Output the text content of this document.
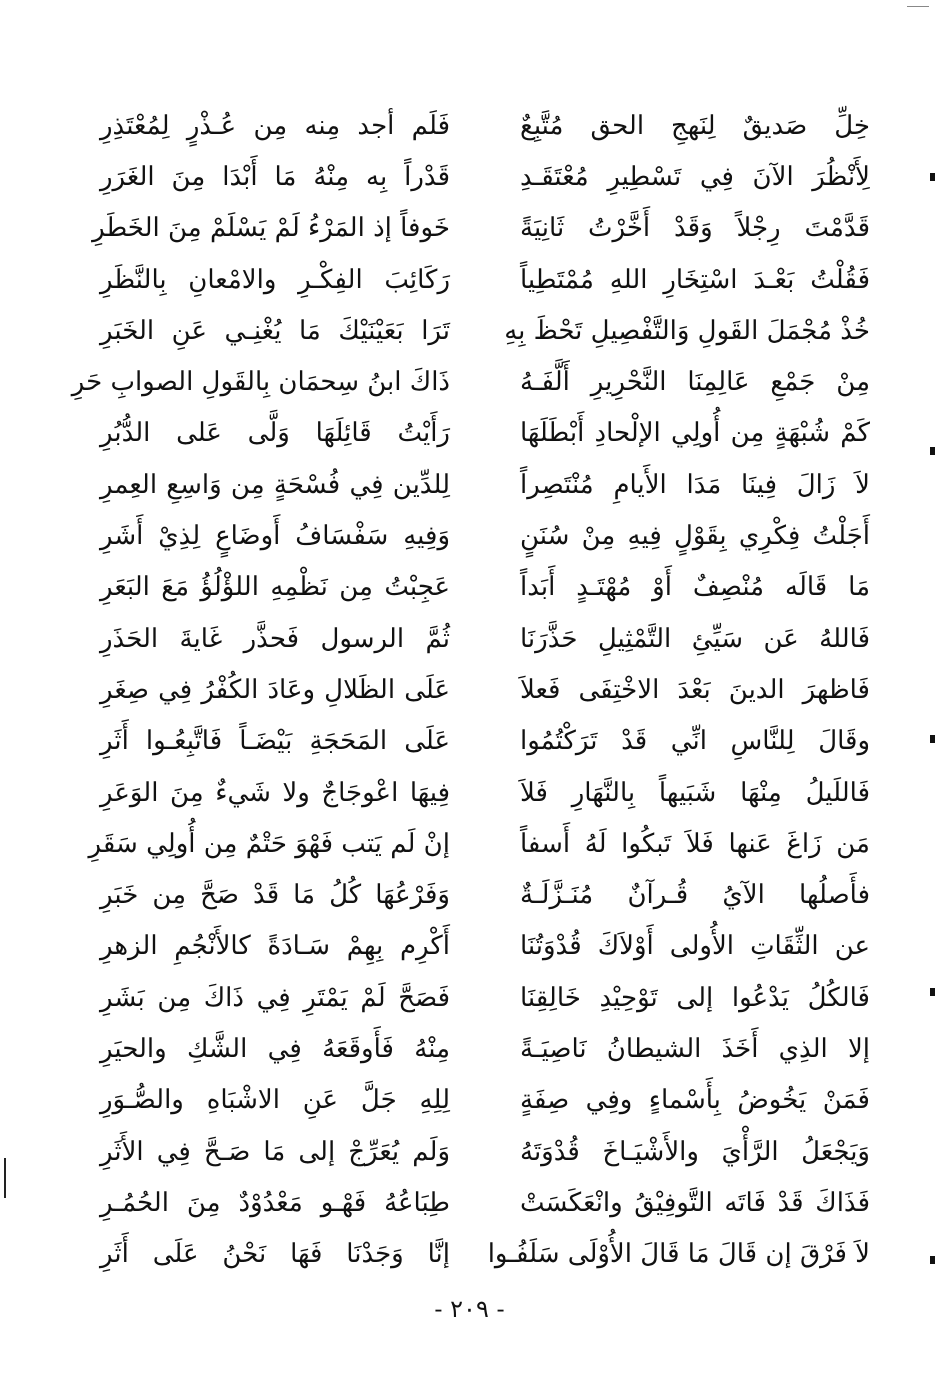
خِلِّ صَديقٌ لِنَهجِ الحق مُتَّبِعٌ
فَلَم أجد مِنه مِن عُـذْرٍ لِمُعْتَذِرِ
لِأَنْظُرَ الآنَ فِي تَسْطِيرِ مُعْتَقَـدِ
قَدْراً بِه مِنْهُ مَا أَبْدَا مِنَ الغَرَرِ
قَدَّمْتَ رِجْلاً وَقَدْ أَخَّرْتُ ثَانِيَةً
خَوفاً إذ المَرْءُ لَمْ يَسْلَمْ مِنَ الخَطَرِ
فَقُلْتُ بَعْـدَ اسْتِخَارِ اللهِ مُمْتَطِياً
رَكَائِبَ الفِكْـرِ والامْعانِ بِالنَّظَرِ
خُذْ مُجْمَلَ القَولِ وَالتَّفْصِيلِ تَحْظَ بِهِ
تَرَا بَعَيْنَيْكَ مَا يُغْنِـي عَنِ الخَبَرِ
مِنْ جَمْعِ عَالِمِنَا النَّحْرِيرِ أَلَّفَـهُ
ذَاكَ ابنُ سِحمَان بِالقَولِ الصوابِ حَرِ
كَمْ شُبْهَةٍ مِن أُولِي الإلْحادِ أَبْطَلَهَا
رَأَيْتُ قَائِلَهَا وَلَّى عَلى الدُّبُرِ
لاَ زَالَ فِينَا مَدَا الأَيامِ مُنْتَصِراً
لِلدِّين فِي فُسْحَةٍ مِن وَاسِعِ العِمرِ
أَجَلْتُ فِكْرِي بِقَوْلٍ فِيهِ مِنْ سُنَنٍ
وَفِيهِ سَفْسَافُ أَوضَاعٍ لِذِيْ أَشَرِ
مَا قَالَه مُنْصِفٌ أَوْ مُهْتَـدٍ أَبَداً
عَجِبْتُ مِن نَظْمِهِ اللؤْلُؤُ مَعَ البَعَرِ
فَاللهُ عَن سَيِّئِ التَّمْثِيلِ حَذَّرَنَا
ثُمَّ الرسول فَحذَّر غَايةَ الحَذَرِ
فَاظهرَ الدينَ بَعْدَ الاخْتِفَى فَعلاَ
عَلَى الظَلالِ وعَادَ الكُفْرُ فِي صِغَرِ
وقَالَ لِلنَّاسِ انِّي قَدْ تَرَكْتُمُوا
عَلَى المَحَجَةِ بَيْضَـاً فَاتَّبِعُـوا أَثَرِ
فَاللَيلُ مِنْهَا شَبَيهاً بِالنَّهَارِ فَلاَ
فِيهَا اعْوجَاجٌ ولا شَيءٌ مِنَ الوَعَرِ
مَن زَاغَ عَنها فَلاَ تَبكُوا لَهُ أَسفاً
إنْ لَم يَتب فَهْوَ حَتْمٌ مِن أُولِي سَقَرِ
فأَصلُها الآيُ قُـرآنٌ مُنَـزَّلَـةٌ
وَفَرْعُهَا كُلُ مَا قَدْ صَحَّ مِن خَبَرِ
عن الثِّقَاتِ الأُولى أَوْلاَكَ قُدْوَتُنَا
أَكْرِم بِهِمْ سَـادَةً كالأَنْجُمِ الزهرِ
فَالكُلُ يَدْعُوا إلى تَوْحِيْدِ خَالِقِنَا
فَصَحَّ لَمْ يَمْتَرِ فِي ذَاكَ مِن بَشَرِ
إلا الذِي أَخَذَ الشيطانُ نَاصِيَـةً
مِنْهُ فَأَوقَعَهُ فِي الشَّكِ والحيَرِ
فَمَنْ يَخُوضُ بِأَسْماءٍ وفِي صِفَةٍ
لِلِهِ جَلَّ عَنِ الاشْبَاهِ والصُّـوَرِ
وَيَجْعَلُ الرَّأْيَ والأَشْيَـاخَ قُدْوَتَهُ
وَلَم يُعَرِّجْ إلى مَا صَـحَّ فِي الأَثَرِ
فَذَاكَ قَدْ فَاتَه التَّوفِيْقُ وانْعَكَسَتْ
طِبَاعُهُ فَهْـو مَعْدُوْدٌ مِنَ الحُمُـرِ
لاَ فَرْقَ إن قَالَ مَا قَالَ الأُوْلَى سَلَفُـوا
إنَّا وَجَدْنَا فَهَا نَحْنُ عَلَى أَثَرِ
- ٢٠٩ -
